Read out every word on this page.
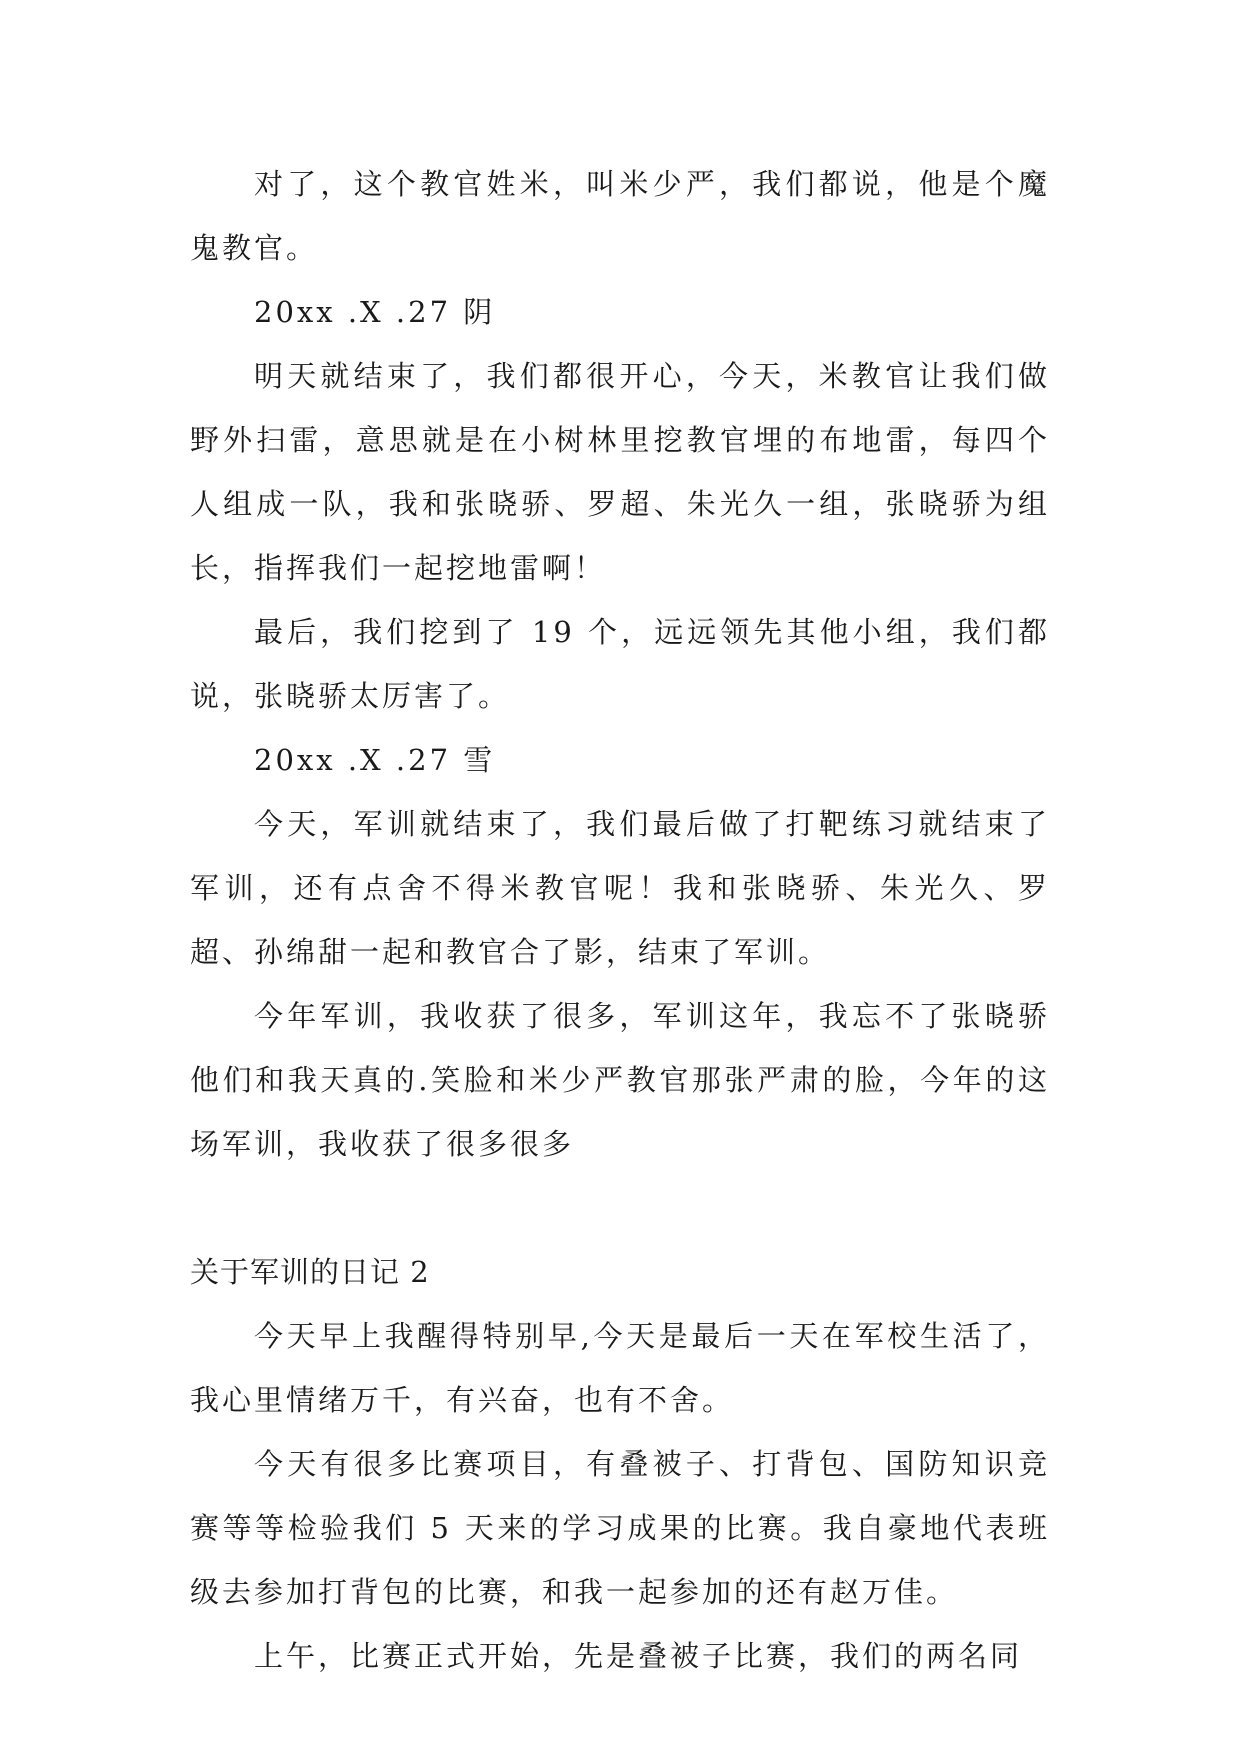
对了，这个教官姓米，叫米少严，我们都说，他是个魔鬼教官。

20xx .X .27 阴

明天就结束了，我们都很开心，今天，米教官让我们做野外扫雷，意思就是在小树林里挖教官埋的布地雷，每四个人组成一队，我和张晓骄、罗超、朱光久一组，张晓骄为组长，指挥我们一起挖地雷啊！

最后，我们挖到了 19 个，远远领先其他小组，我们都说，张晓骄太厉害了。

20xx .X .27 雪

今天，军训就结束了，我们最后做了打靶练习就结束了军训，还有点舍不得米教官呢！我和张晓骄、朱光久、罗超、孙绵甜一起和教官合了影，结束了军训。

今年军训，我收获了很多，军训这年，我忘不了张晓骄他们和我天真的.笑脸和米少严教官那张严肃的脸，今年的这场军训，我收获了很多很多

关于军训的日记 2

今天早上我醒得特别早,今天是最后一天在军校生活了，我心里情绪万千，有兴奋，也有不舍。

今天有很多比赛项目，有叠被子、打背包、国防知识竞赛等等检验我们 5 天来的学习成果的比赛。我自豪地代表班级去参加打背包的比赛，和我一起参加的还有赵万佳。

上午，比赛正式开始，先是叠被子比赛，我们的两名同
